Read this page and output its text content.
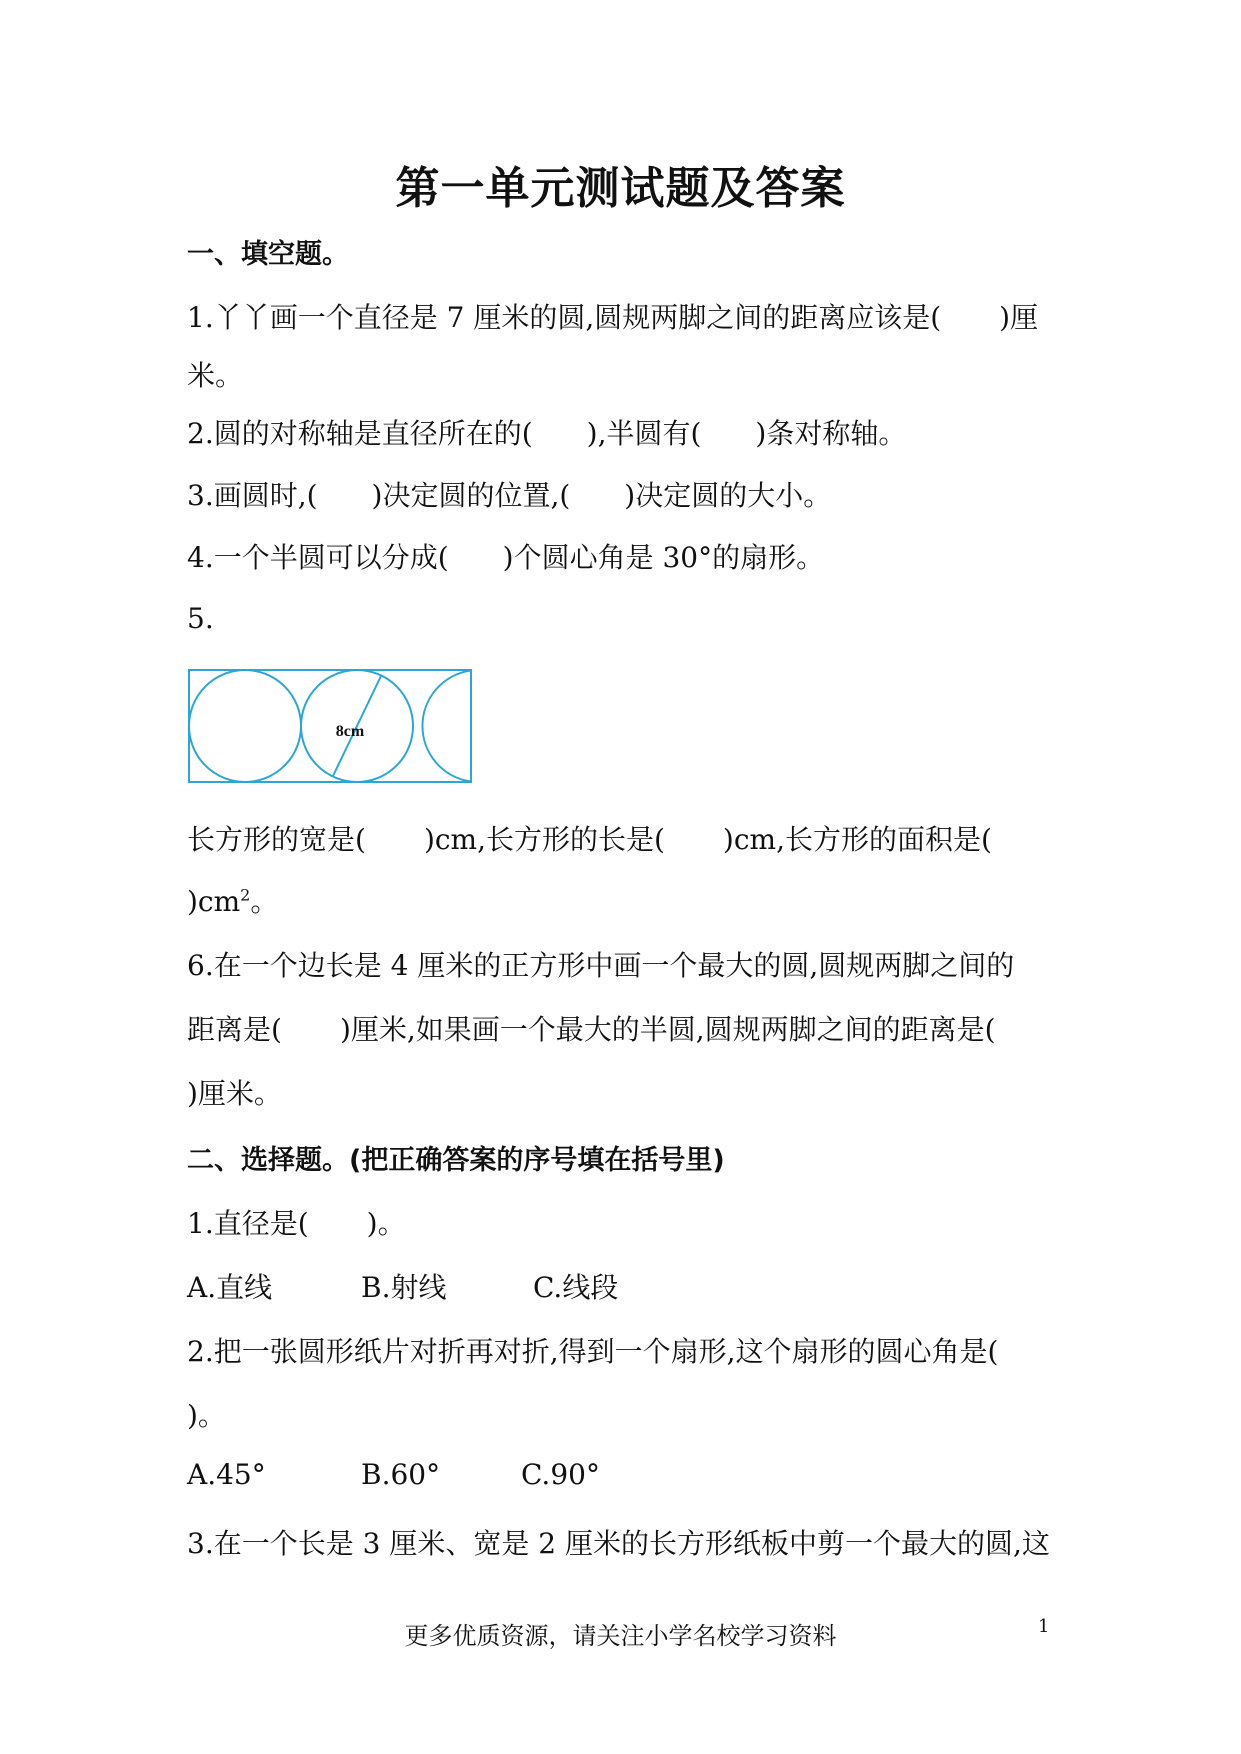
第一单元测试题及答案
一、填空题。
1.丫丫画一个直径是 7 厘米的圆,圆规两脚之间的距离应该是( )厘
米。
2.圆的对称轴是直径所在的( ),半圆有( )条对称轴。
3.画圆时,( )决定圆的位置,( )决定圆的大小。
4.一个半圆可以分成( )个圆心角是 30°的扇形。
5.
8cm
长方形的宽是( )cm,长方形的长是( )cm,长方形的面积是(
)$cm^2$。
6.在一个边长是 4 厘米的正方形中画一个最大的圆,圆规两脚之间的
距离是( )厘米,如果画一个最大的半圆,圆规两脚之间的距离是(
)厘米。
二、选择题。(把正确答案的序号填在括号里)
1.直径是( )。
A.直线	B.射线	C.线段
2.把一张圆形纸片对折再对折,得到一个扇形,这个扇形的圆心角是(
)。
A.45°	B.60°	C.90°
3.在一个长是 3 厘米、宽是 2 厘米的长方形纸板中剪一个最大的圆,这
更多优质资源，请关注小学名校学习资料	1
